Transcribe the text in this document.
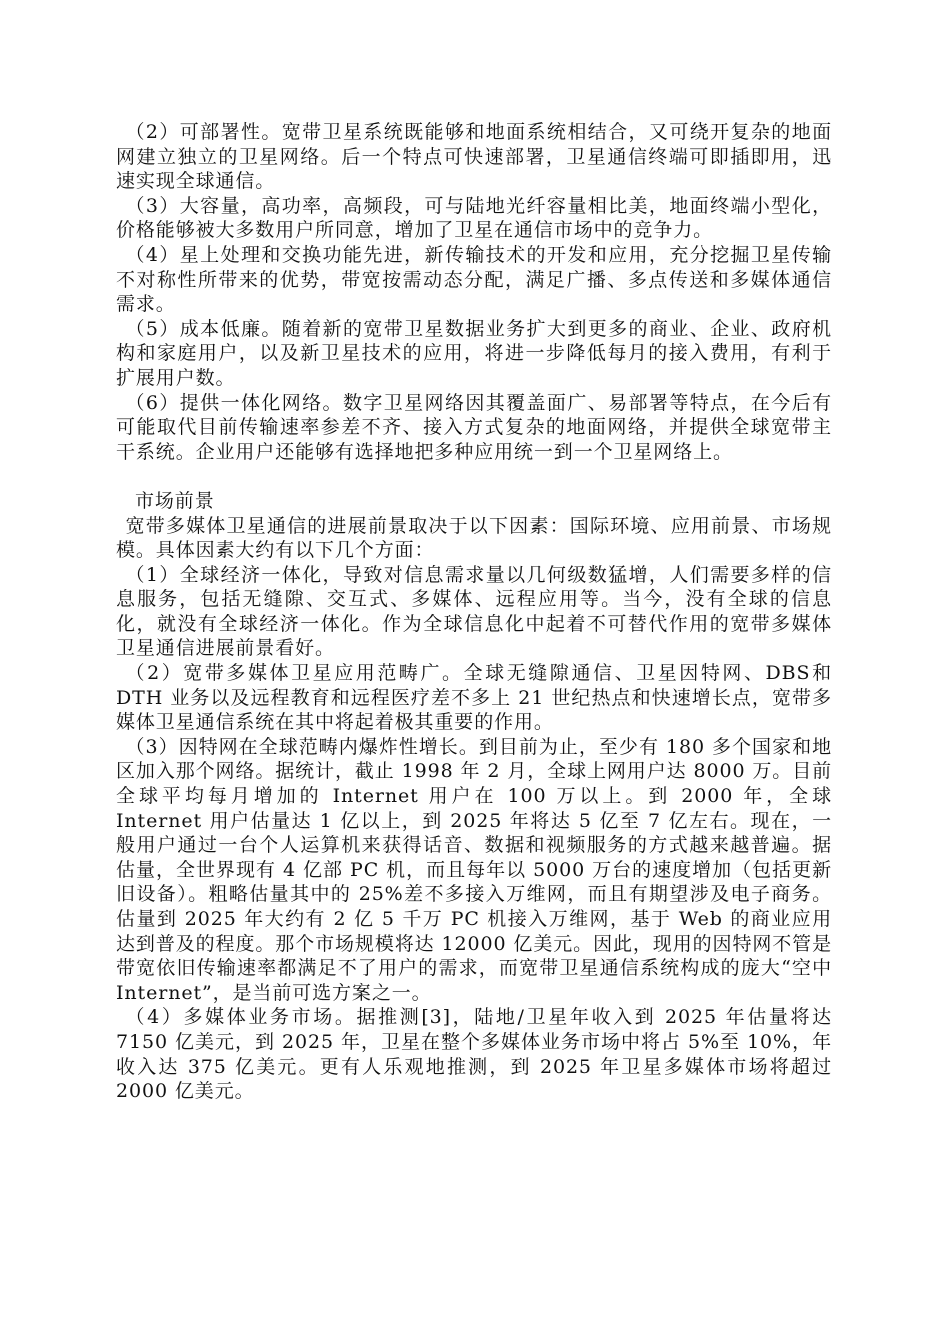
（2）可部署性。宽带卫星系统既能够和地面系统相结合，又可绕开复杂的地面网建立独立的卫星网络。后一个特点可快速部署，卫星通信终端可即插即用，迅速实现全球通信。

（3）大容量，高功率，高频段，可与陆地光纤容量相比美，地面终端小型化，价格能够被大多数用户所同意，增加了卫星在通信市场中的竞争力。

（4）星上处理和交换功能先进，新传输技术的开发和应用，充分挖掘卫星传输不对称性所带来的优势，带宽按需动态分配，满足广播、多点传送和多媒体通信需求。

（5）成本低廉。随着新的宽带卫星数据业务扩大到更多的商业、企业、政府机构和家庭用户，以及新卫星技术的应用，将进一步降低每月的接入费用，有利于扩展用户数。

（6）提供一体化网络。数字卫星网络因其覆盖面广、易部署等特点，在今后有可能取代目前传输速率参差不齐、接入方式复杂的地面网络，并提供全球宽带主干系统。企业用户还能够有选择地把多种应用统一到一个卫星网络上。

市场前景

宽带多媒体卫星通信的进展前景取决于以下因素：国际环境、应用前景、市场规模。具体因素大约有以下几个方面：

（1）全球经济一体化，导致对信息需求量以几何级数猛增，人们需要多样的信息服务，包括无缝隙、交互式、多媒体、远程应用等。当今，没有全球的信息化，就没有全球经济一体化。作为全球信息化中起着不可替代作用的宽带多媒体卫星通信进展前景看好。

（2）宽带多媒体卫星应用范畴广。全球无缝隙通信、卫星因特网、DBS和 DTH 业务以及远程教育和远程医疗差不多上 21 世纪热点和快速增长点，宽带多媒体卫星通信系统在其中将起着极其重要的作用。

（3）因特网在全球范畴内爆炸性增长。到目前为止，至少有 180 多个国家和地区加入那个网络。据统计，截止 1998 年 2 月，全球上网用户达 8000 万。目前全球平均每月增加的 Internet 用户在 100 万以上。到 2000 年，全球 Internet 用户估量达 1 亿以上，到 2025 年将达 5 亿至 7 亿左右。现在，一般用户通过一台个人运算机来获得话音、数据和视频服务的方式越来越普遍。据估量，全世界现有 4 亿部 PC 机，而且每年以 5000 万台的速度增加（包括更新旧设备）。粗略估量其中的 25%差不多接入万维网，而且有期望涉及电子商务。估量到 2025 年大约有 2 亿 5 千万 PC 机接入万维网，基于 Web 的商业应用达到普及的程度。那个市场规模将达 12000 亿美元。因此，现用的因特网不管是带宽依旧传输速率都满足不了用户的需求，而宽带卫星通信系统构成的庞大“空中 Internet”，是当前可选方案之一。

（4）多媒体业务市场。据推测[3]，陆地/卫星年收入到 2025 年估量将达 7150 亿美元，到 2025 年，卫星在整个多媒体业务市场中将占 5%至 10%，年收入达 375 亿美元。更有人乐观地推测，到 2025 年卫星多媒体市场将超过 2000 亿美元。
